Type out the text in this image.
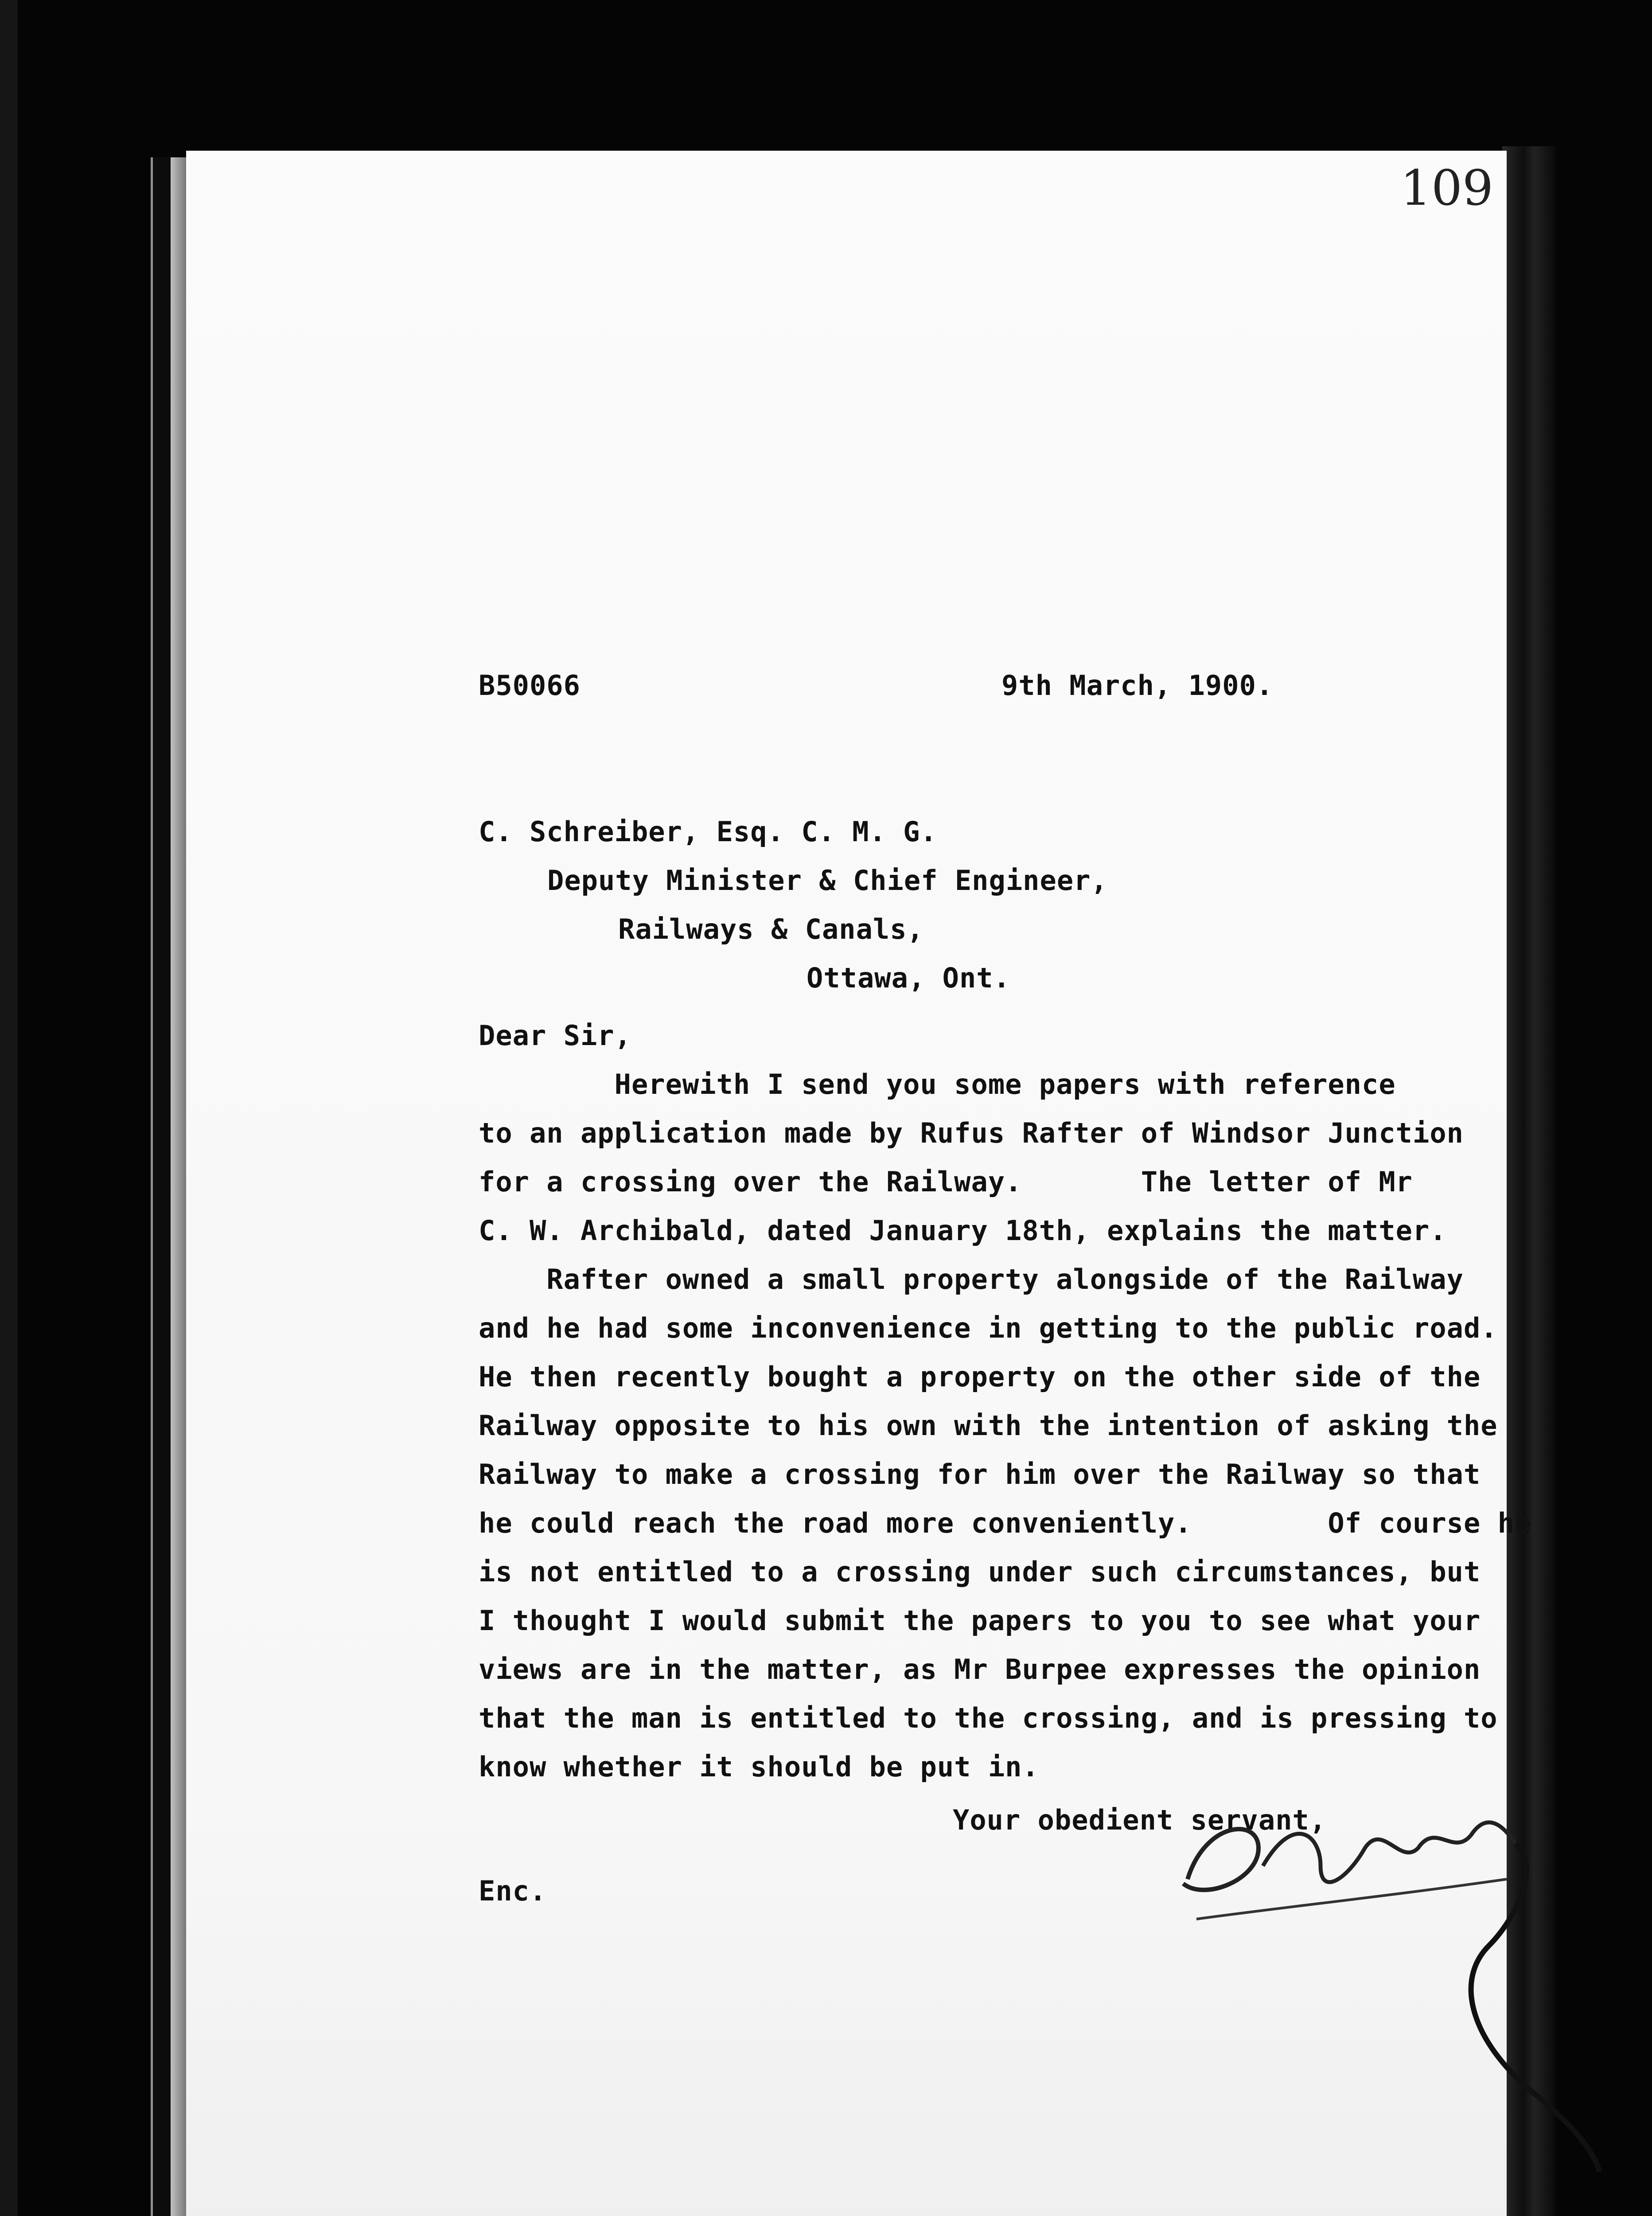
109
B50066	9th March, 1900.
C. Schreiber, Esq. C. M. G.
Deputy Minister & Chief Engineer,
Railways & Canals,
Ottawa, Ont.
Dear Sir,
Herewith I send you some papers with reference
to an application made by Rufus Rafter of Windsor Junction
for a crossing over the Railway.       The letter of Mr
C. W. Archibald, dated January 18th, explains the matter.
Rafter owned a small property alongside of the Railway
and he had some inconvenience in getting to the public road.
He then recently bought a property on the other side of the
Railway opposite to his own with the intention of asking the
Railway to make a crossing for him over the Railway so that
he could reach the road more conveniently.        Of course he
is not entitled to a crossing under such circumstances, but
I thought I would submit the papers to you to see what your
views are in the matter, as Mr Burpee expresses the opinion
that the man is entitled to the crossing, and is pressing to
know whether it should be put in.
Your obedient servant,
Enc.
